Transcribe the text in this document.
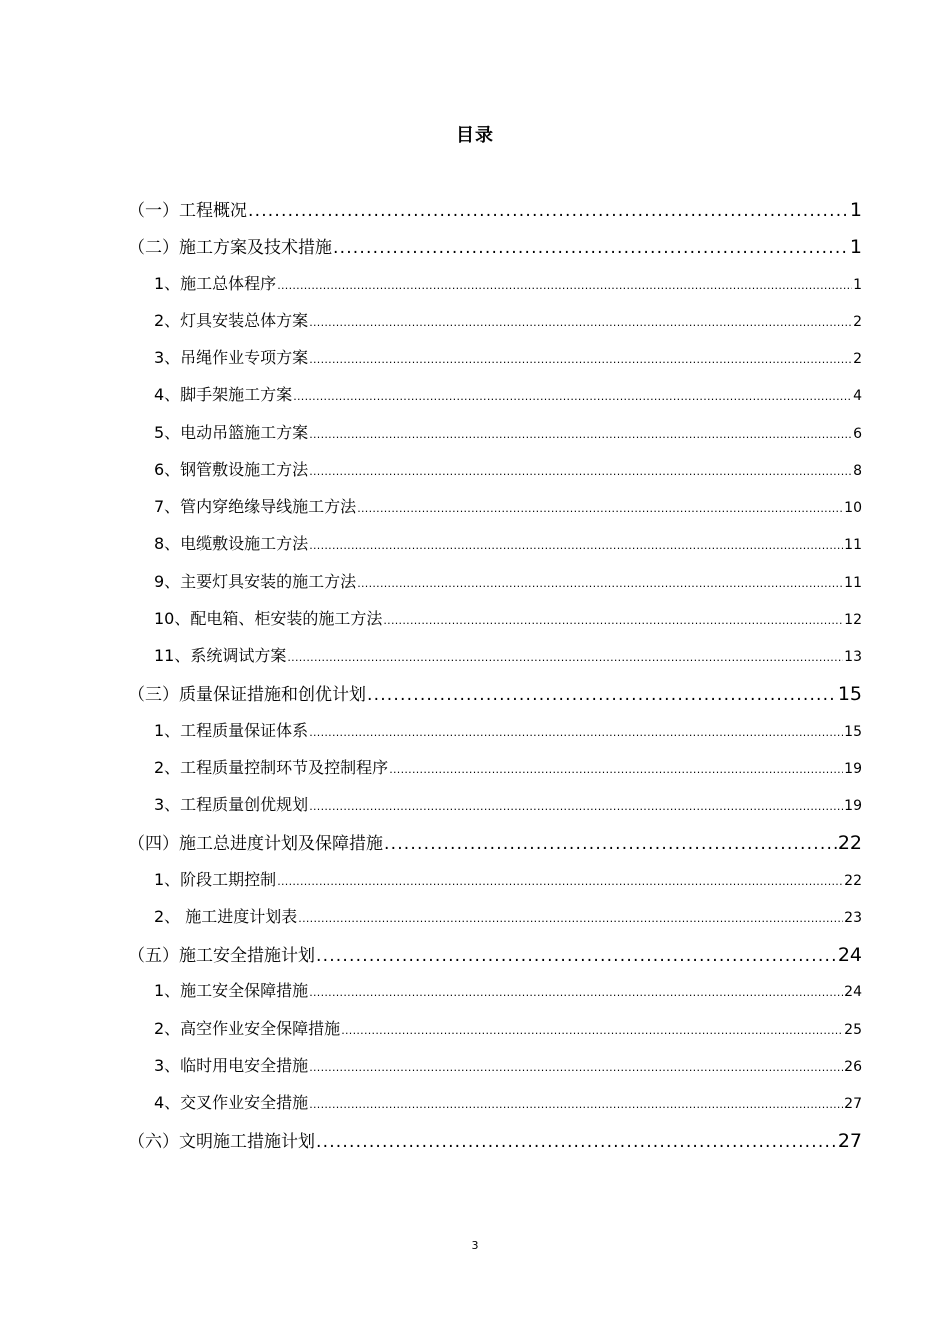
目录
（一）工程概况 .....	1
（二）施工方案及技术措施 .....	1
1、施工总体程序 .....	1
2、灯具安装总体方案 .....	2
3、吊绳作业专项方案 .....	2
4、脚手架施工方案 .....	4
5、电动吊篮施工方案 .....	6
6、钢管敷设施工方法 .....	8
7、管内穿绝缘导线施工方法 .....	10
8、电缆敷设施工方法 .....	11
9、主要灯具安装的施工方法 .....	11
10、配电箱、柜安装的施工方法 .....	12
11、系统调试方案 .....	13
（三）质量保证措施和创优计划 .....	15
1、工程质量保证体系 .....	15
2、工程质量控制环节及控制程序 .....	19
3、工程质量创优规划 .....	19
（四）施工总进度计划及保障措施 .....	22
1、阶段工期控制 .....	22
2、 施工进度计划表 .....	23
（五）施工安全措施计划 .....	24
1、施工安全保障措施 .....	24
2、高空作业安全保障措施 .....	25
3、临时用电安全措施 .....	26
4、交叉作业安全措施 .....	27
（六）文明施工措施计划 .....	27
3
